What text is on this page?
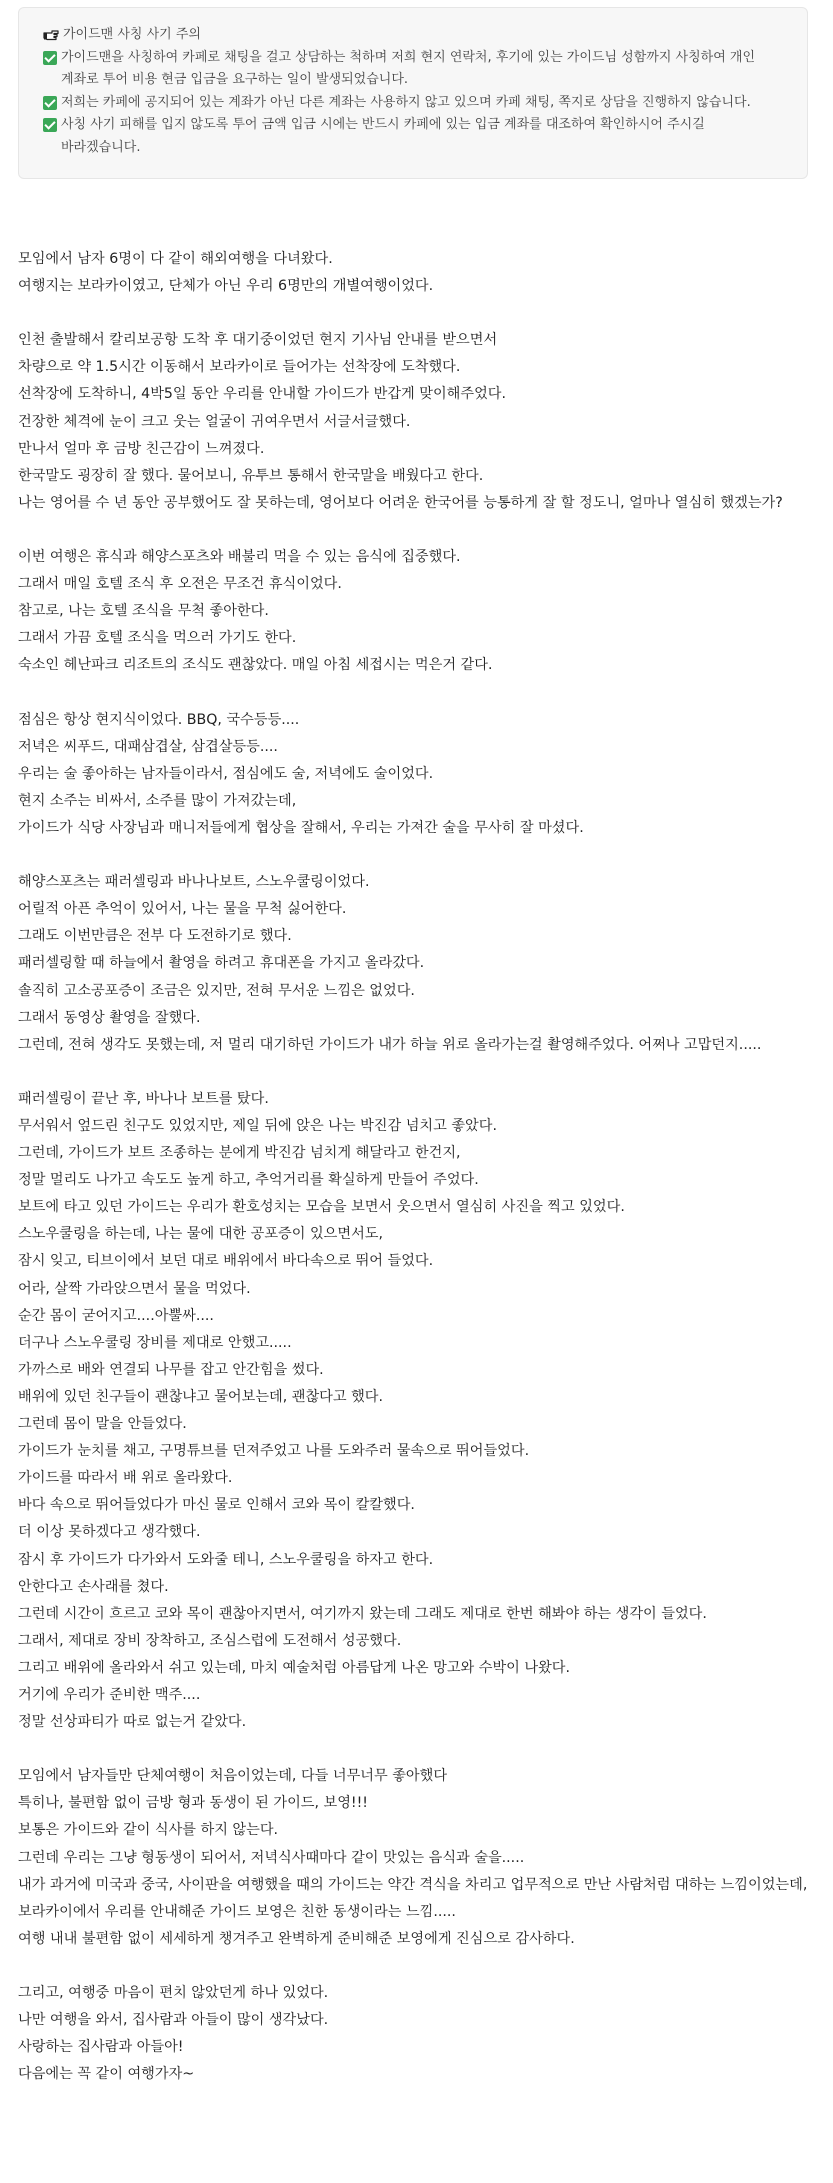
가이드맨 사칭 사기 주의
가이드맨을 사칭하여 카페로 채팅을 걸고 상담하는 척하며 저희 현지 연락처, 후기에 있는 가이드님 성함까지 사칭하여 개인 계좌로 투어 비용 현금 입금을 요구하는 일이 발생되었습니다.
저희는 카페에 공지되어 있는 계좌가 아닌 다른 계좌는 사용하지 않고 있으며 카페 채팅, 쪽지로 상담을 진행하지 않습니다.
사칭 사기 피해를 입지 않도록 투어 금액 입금 시에는 반드시 카페에 있는 입금 계좌를 대조하여 확인하시어 주시길 바라겠습니다.
모임에서 남자 6명이 다 같이 해외여행을 다녀왔다.
여행지는 보라카이였고, 단체가 아닌 우리 6명만의 개별여행이었다.
인천 출발해서 칼리보공항 도착 후 대기중이었던 현지 기사님 안내를 받으면서
차량으로 약 1.5시간 이동해서 보라카이로 들어가는 선착장에 도착했다.
선착장에 도착하니, 4박5일 동안 우리를 안내할 가이드가 반갑게 맞이해주었다.
건장한 체격에 눈이 크고 웃는 얼굴이 귀여우면서 서글서글했다.
만나서 얼마 후 금방 친근감이 느껴졌다.
한국말도 굉장히 잘 했다. 물어보니, 유투브 통해서 한국말을 배웠다고 한다.
나는 영어를 수 년 동안 공부했어도 잘 못하는데, 영어보다 어려운 한국어를 능통하게 잘 할 정도니, 얼마나 열심히 했겠는가?
이번 여행은 휴식과 해양스포츠와 배불리 먹을 수 있는 음식에 집중했다.
그래서 매일 호텔 조식 후 오전은 무조건 휴식이었다.
참고로, 나는 호텔 조식을 무척 좋아한다.
그래서 가끔 호텔 조식을 먹으러 가기도 한다.
숙소인 헤난파크 리조트의 조식도 괜찮았다. 매일 아침 세접시는 먹은거 같다.
점심은 항상 현지식이었다. BBQ, 국수등등....
저녁은 씨푸드, 대패삼겹살, 삼겹살등등....
우리는 술 좋아하는 남자들이라서, 점심에도 술, 저녁에도 술이었다.
현지 소주는 비싸서, 소주를 많이 가져갔는데,
가이드가 식당 사장님과 매니저들에게 협상을 잘해서, 우리는 가져간 술을 무사히 잘 마셨다.
해양스포츠는 패러셀링과 바나나보트, 스노우쿨링이었다.
어릴적 아픈 추억이 있어서, 나는 물을 무척 싫어한다.
그래도 이번만큼은 전부 다 도전하기로 했다.
패러셀링할 때 하늘에서 촬영을 하려고 휴대폰을 가지고 올라갔다.
솔직히 고소공포증이 조금은 있지만, 전혀 무서운 느낌은 없었다.
그래서 동영상 촬영을 잘했다.
그런데, 전혀 생각도 못했는데, 저 멀리 대기하던 가이드가 내가 하늘 위로 올라가는걸 촬영해주었다. 어쩌나 고맙던지.....
패러셀링이 끝난 후, 바나나 보트를 탔다.
무서워서 엎드린 친구도 있었지만, 제일 뒤에 앉은 나는 박진감 넘치고 좋았다.
그런데, 가이드가 보트 조종하는 분에게 박진감 넘치게 해달라고 한건지,
정말 멀리도 나가고 속도도 높게 하고, 추억거리를 확실하게 만들어 주었다.
보트에 타고 있던 가이드는 우리가 환호성치는 모습을 보면서 웃으면서 열심히 사진을 찍고 있었다.
스노우쿨링을 하는데, 나는 물에 대한 공포증이 있으면서도,
잠시 잊고, 티브이에서 보던 대로 배위에서 바다속으로 뛰어 들었다.
어라, 살짝 가라앉으면서 물을 먹었다.
순간 몸이 굳어지고....아뿔싸....
더구나 스노우쿨링 장비를 제대로 안했고.....
가까스로 배와 연결되 나무를 잡고 안간힘을 썼다.
배위에 있던 친구들이 괜찮냐고 물어보는데, 괜찮다고 했다.
그런데 몸이 말을 안들었다.
가이드가 눈치를 채고, 구명튜브를 던져주었고 나를 도와주러 물속으로 뛰어들었다.
가이드를 따라서 배 위로 올라왔다.
바다 속으로 뛰어들었다가 마신 물로 인해서 코와 목이 칼칼했다.
더 이상 못하겠다고 생각했다.
잠시 후 가이드가 다가와서 도와줄 테니, 스노우쿨링을 하자고 한다.
안한다고 손사래를 쳤다.
그런데 시간이 흐르고 코와 목이 괜찮아지면서, 여기까지 왔는데 그래도 제대로 한번 해봐야 하는 생각이 들었다.
그래서, 제대로 장비 장착하고, 조심스럽에 도전해서 성공했다.
그리고 배위에 올라와서 쉬고 있는데, 마치 예술처럼 아름답게 나온 망고와 수박이 나왔다.
거기에 우리가 준비한 맥주....
정말 선상파티가 따로 없는거 같았다.
모임에서 남자들만 단체여행이 처음이었는데, 다들 너무너무 좋아했다
특히나, 불편함 없이 금방 형과 동생이 된 가이드, 보영!!!
보통은 가이드와 같이 식사를 하지 않는다.
그런데 우리는 그냥 형동생이 되어서, 저녁식사때마다 같이 맛있는 음식과 술을.....
내가 과거에 미국과 중국, 사이판을 여행했을 때의 가이드는 약간 격식을 차리고 업무적으로 만난 사람처럼 대하는 느낌이었는데,
보라카이에서 우리를 안내해준 가이드 보영은 친한 동생이라는 느낌.....
여행 내내 불편함 없이 세세하게 챙겨주고 완벽하게 준비해준 보영에게 진심으로 감사하다.
그리고, 여행중 마음이 편치 않았던게 하나 있었다.
나만 여행을 와서, 집사람과 아들이 많이 생각났다.
사랑하는 집사람과 아들아!
다음에는 꼭 같이 여행가자~
